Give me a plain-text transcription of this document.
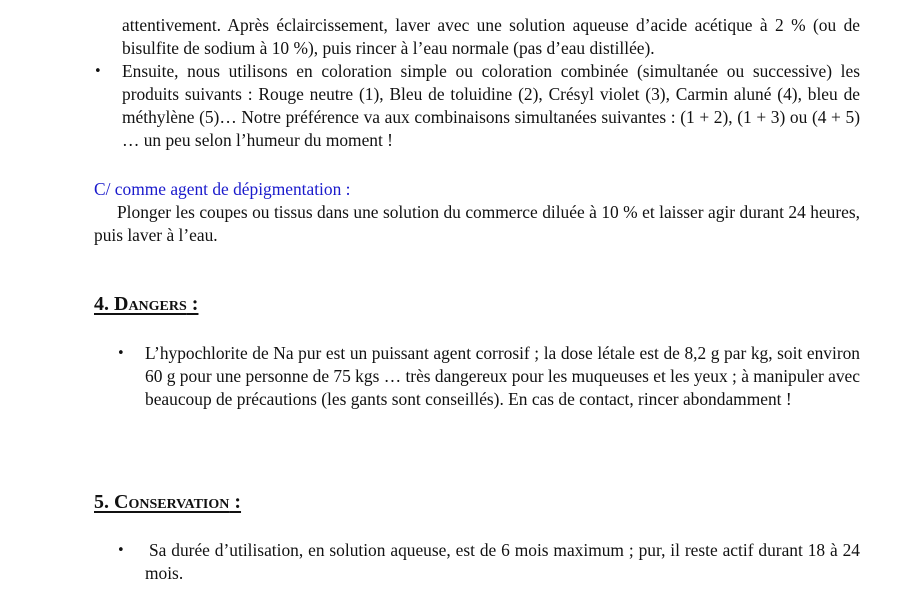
attentivement. Après éclaircissement, laver avec une solution aqueuse d’acide acétique à 2 % (ou de bisulfite de sodium à 10 %), puis rincer à l’eau normale (pas d’eau distillée).

• Ensuite, nous utilisons en coloration simple ou coloration combinée (simultanée ou successive) les produits suivants : Rouge neutre (1), Bleu de toluidine (2), Crésyl violet (3), Carmin aluné (4), bleu de méthylène (5)… Notre préférence va aux combinaisons simultanées suivantes : (1 + 2), (1 + 3) ou (4 + 5) … un peu selon l’humeur du moment !

C/ comme agent de dépigmentation :

Plonger les coupes ou tissus dans une solution du commerce diluée à 10 % et laisser agir durant 24 heures, puis laver à l’eau.

4. Dangers :
• L’hypochlorite de Na pur est un puissant agent corrosif ; la dose létale est de 8,2 g par kg, soit environ 60 g pour une personne de 75 kgs … très dangereux pour les muqueuses et les yeux ; à manipuler avec beaucoup de précautions (les gants sont conseillés). En cas de contact, rincer abondamment !

5. Conservation :
• Sa durée d’utilisation, en solution aqueuse, est de 6 mois maximum ; pur, il reste actif durant 18 à 24 mois.
